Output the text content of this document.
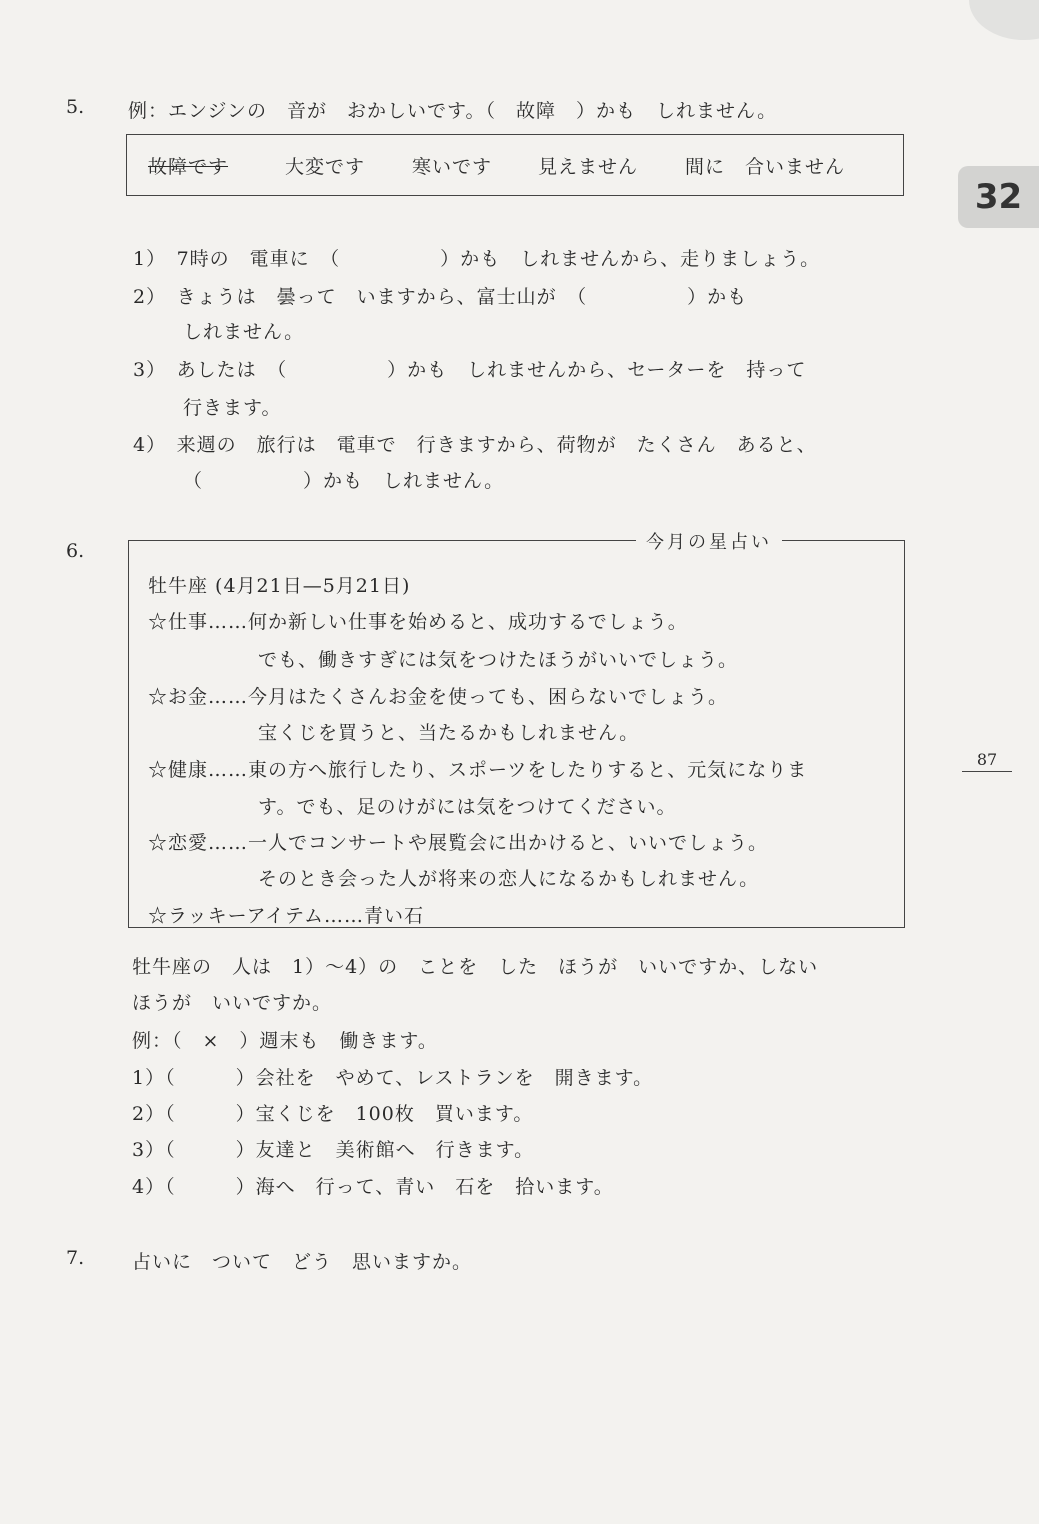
32
87
5. 例：エンジンの　音が　おかしいです。（　故障　）かも　しれません。
故障です	大変です 寒いです 見えません 間に　合いません
1）　7時の　電車に　（　　　　　）かも　しれませんから、走りましょう。
2）　きょうは　曇って　いますから、富士山が　（　　　　　）かも
しれません。
3）　あしたは　（　　　　　）かも　しれませんから、セーターを　持って
行きます。
4）　来週の　旅行は　電車で　行きますから、荷物が　たくさん　あると、
（　　　　　）かも　しれません。
6.	今月の星占い
牡牛座 (4月21日—5月21日)
☆仕事……何か新しい仕事を始めると、成功するでしょう。
でも、働きすぎには気をつけたほうがいいでしょう。
☆お金……今月はたくさんお金を使っても、困らないでしょう。
宝くじを買うと、当たるかもしれません。
☆健康……東の方へ旅行したり、スポーツをしたりすると、元気になりま
す。でも、足のけがには気をつけてください。
☆恋愛……一人でコンサートや展覧会に出かけると、いいでしょう。
そのとき会った人が将来の恋人になるかもしれません。
☆ラッキーアイテム……青い石
牡牛座の　人は　1）～4）の　ことを　した　ほうが　いいですか、しない
ほうが　いいですか。
例：（　×　）週末も　働きます。
1）（　　　）会社を　やめて、レストランを　開きます。
2）（　　　）宝くじを　100枚　買います。
3）（　　　）友達と　美術館へ　行きます。
4）（　　　）海へ　行って、青い　石を　拾います。
7.	占いに　ついて　どう　思いますか。
